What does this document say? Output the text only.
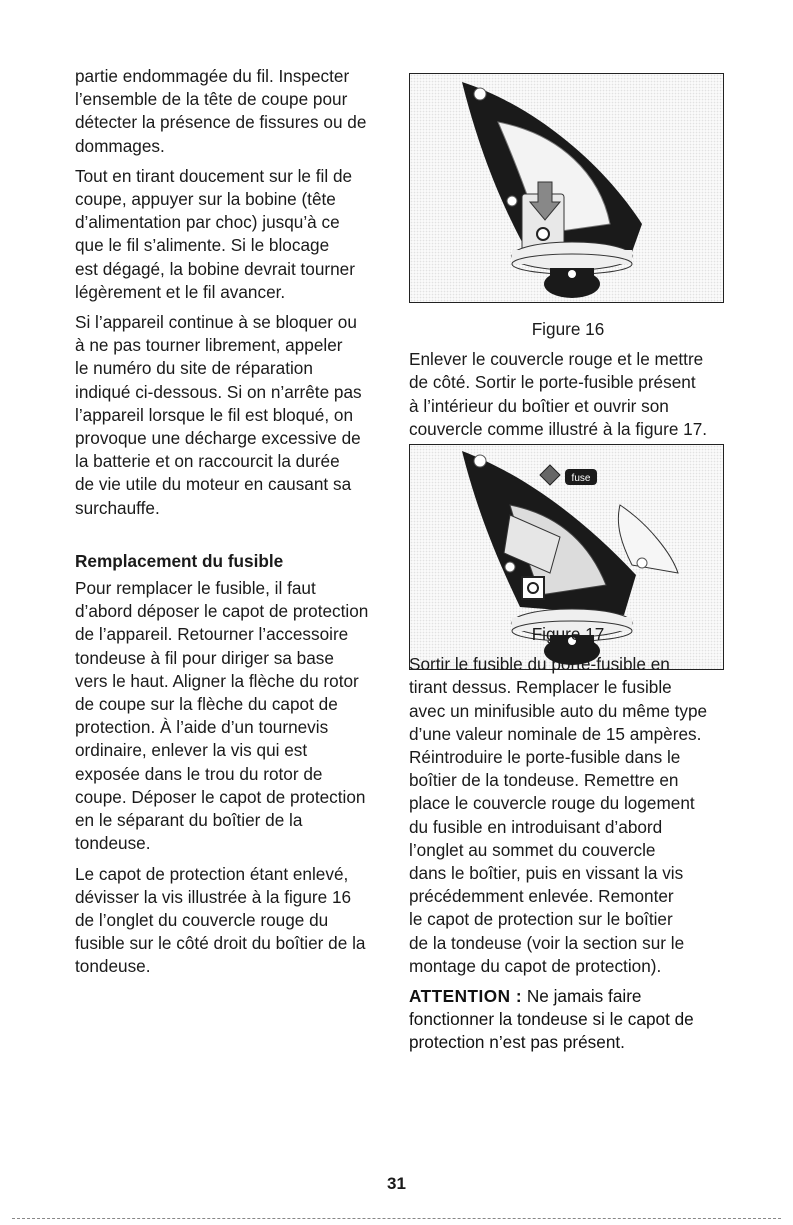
partie endommagée du fil. Inspecter
l’ensemble de la tête de coupe pour
détecter la présence de fissures ou de
dommages.

Tout en tirant doucement sur le fil de
coupe, appuyer sur la bobine (tête
d’alimentation par choc) jusqu’à ce
que le fil s’alimente. Si le blocage
est dégagé, la bobine devrait tourner
légèrement et le fil avancer.

Si l’appareil continue à se bloquer ou
à ne pas tourner librement, appeler
le numéro du site de réparation
indiqué ci-dessous. Si on n’arrête pas
l’appareil lorsque le fil est bloqué, on
provoque une décharge excessive de
la batterie et on raccourcit la durée
de vie utile du moteur en causant sa
surchauffe.

Remplacement du fusible

Pour remplacer le fusible, il faut
d’abord déposer le capot de protection
de l’appareil. Retourner l’accessoire
tondeuse à fil pour diriger sa base
vers le haut. Aligner la flèche du rotor
de coupe sur la flèche du capot de
protection. À l’aide d’un tournevis
ordinaire, enlever la vis qui est
exposée dans le trou du rotor de
coupe. Déposer le capot de protection
en le séparant du boîtier de la
tondeuse.

Le capot de protection étant enlevé,
dévisser la vis illustrée à la figure 16
de l’onglet du couvercle rouge du
fusible sur le côté droit du boîtier de la
tondeuse.

fuse

Figure 16

Enlever le couvercle rouge et le mettre
de côté. Sortir le porte-fusible présent
à l’intérieur du boîtier et ouvrir son
couvercle comme illustré à la figure 17.

Figure 17

Sortir le fusible du porte-fusible en
tirant dessus. Remplacer le fusible
avec un minifusible auto du même type
d’une valeur nominale de 15 ampères.
Réintroduire le porte-fusible dans le
boîtier de la tondeuse. Remettre en
place le couvercle rouge du logement
du fusible en introduisant d’abord
l’onglet au sommet du couvercle
dans le boîtier, puis en vissant la vis
précédemment enlevée. Remonter
le capot de protection sur le boîtier
de la tondeuse (voir la section sur le
montage du capot de protection).

ATTENTION : Ne jamais faire
fonctionner la tondeuse si le capot de
protection n’est pas présent.

31
